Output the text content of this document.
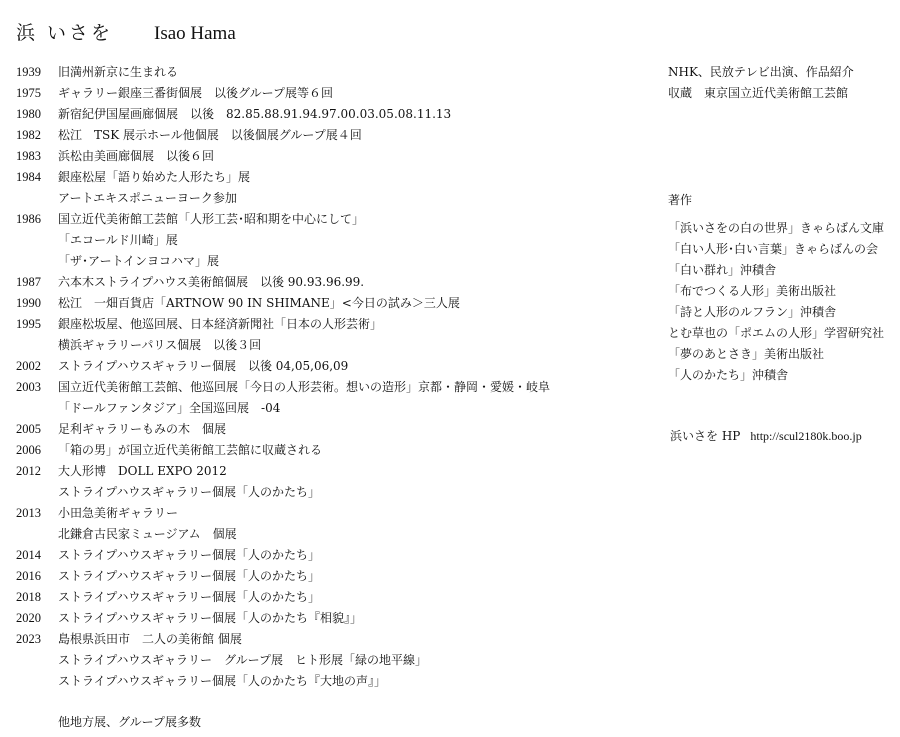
浜 いさを	Isao Hama
1939	旧満州新京に生まれる
1975	ギャラリー銀座三番街個展　以後グループ展等６回
1980	新宿紀伊国屋画廊個展　以後　82.85.88.91.94.97.00.03.05.08.11.13
1982	松江　TSK 展示ホール他個展　以後個展グループ展４回
1983	浜松由美画廊個展　以後６回
1984	銀座松屋「語り始めた人形たち」展
アートエキスポニューヨーク参加
1986	国立近代美術館工芸館「人形工芸･昭和期を中心にして」
「エコールド川崎」展
「ザ･アートインヨコハマ」展
1987	六本木ストライプハウス美術館個展　以後 90.93.96.99.
1990	松江　一畑百貨店「ARTNOW 90 IN SHIMANE」<今日の試み＞三人展
1995	銀座松坂屋、他巡回展、日本経済新聞社「日本の人形芸術」
横浜ギャラリーパリス個展　以後３回
2002	ストライプハウスギャラリー個展　以後 04,05,06,09
2003	国立近代美術館工芸館、他巡回展「今日の人形芸術。想いの造形」京都・静岡・愛媛・岐阜
「ドールファンタジア」全国巡回展　-04
2005	足利ギャラリーもみの木　個展
2006	「箱の男」が国立近代美術館工芸館に収蔵される
2012	大人形博　DOLL EXPO 2012
ストライプハウスギャラリー個展「人のかたち」
2013	小田急美術ギャラリー
北鎌倉古民家ミュージアム　個展
2014	ストライプハウスギャラリー個展「人のかたち」
2016	ストライプハウスギャラリー個展「人のかたち」
2018	ストライプハウスギャラリー個展「人のかたち」
2020	ストライプハウスギャラリー個展「人のかたち『相貌』」
2023	島根県浜田市　二人の美術館 個展
ストライプハウスギャラリー　グループ展　ヒト形展「緑の地平線」
ストライプハウスギャラリー個展「人のかたち『大地の声』」
他地方展、グループ展多数
NHK、民放テレビ出演、作品紹介
収蔵　東京国立近代美術館工芸館
著作
「浜いさをの白の世界」きゃらばん文庫
「白い人形･白い言葉」きゃらばんの会
「白い群れ」沖積舎
「布でつくる人形」美術出版社
「詩と人形のルフラン」沖積舎
とむ草也の「ポエムの人形」学習研究社
「夢のあとさき」美術出版社
「人のかたち」沖積舎
浜いさを HP http://scul2180k.boo.jp
